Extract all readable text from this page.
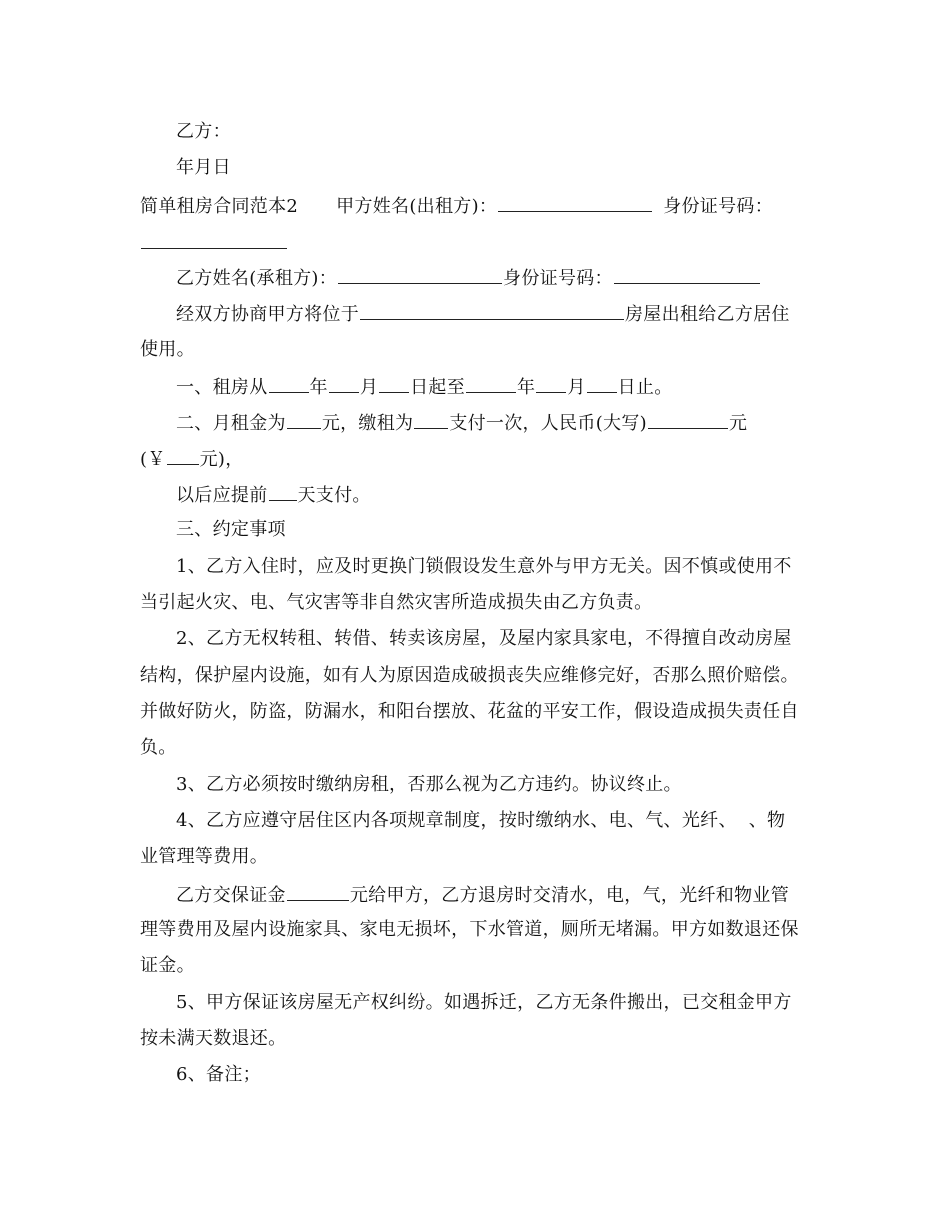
乙方：
年月日
简单租房合同范本2 甲方姓名(出租方)：	身份证号码：
乙方姓名(承租方)：	身份证号码：
经双方协商甲方将位于	房屋出租给乙方居住
使用。
一、租房从 年 月 日起至	年 月 日止。
二、月租金为 元，缴租为 支付一次，人民币(大写)	元
(￥ 元)，
以后应提前 天支付。
三、约定事项
1、乙方入住时，应及时更换门锁假设发生意外与甲方无关。因不慎或使用不
当引起火灾、电、气灾害等非自然灾害所造成损失由乙方负责。
2、乙方无权转租、转借、转卖该房屋，及屋内家具家电，不得擅自改动房屋
结构，保护屋内设施，如有人为原因造成破损丧失应维修完好，否那么照价赔偿。
并做好防火，防盗，防漏水，和阳台摆放、花盆的平安工作，假设造成损失责任自
负。
3、乙方必须按时缴纳房租，否那么视为乙方违约。协议终止。
4、乙方应遵守居住区内各项规章制度，按时缴纳水、电、气、光纤、 、物
业管理等费用。
乙方交保证金	元给甲方，乙方退房时交清水，电，气，光纤和物业管
理等费用及屋内设施家具、家电无损坏，下水管道，厕所无堵漏。甲方如数退还保
证金。
5、甲方保证该房屋无产权纠纷。如遇拆迁，乙方无条件搬出，已交租金甲方
按未满天数退还。
6、备注；
